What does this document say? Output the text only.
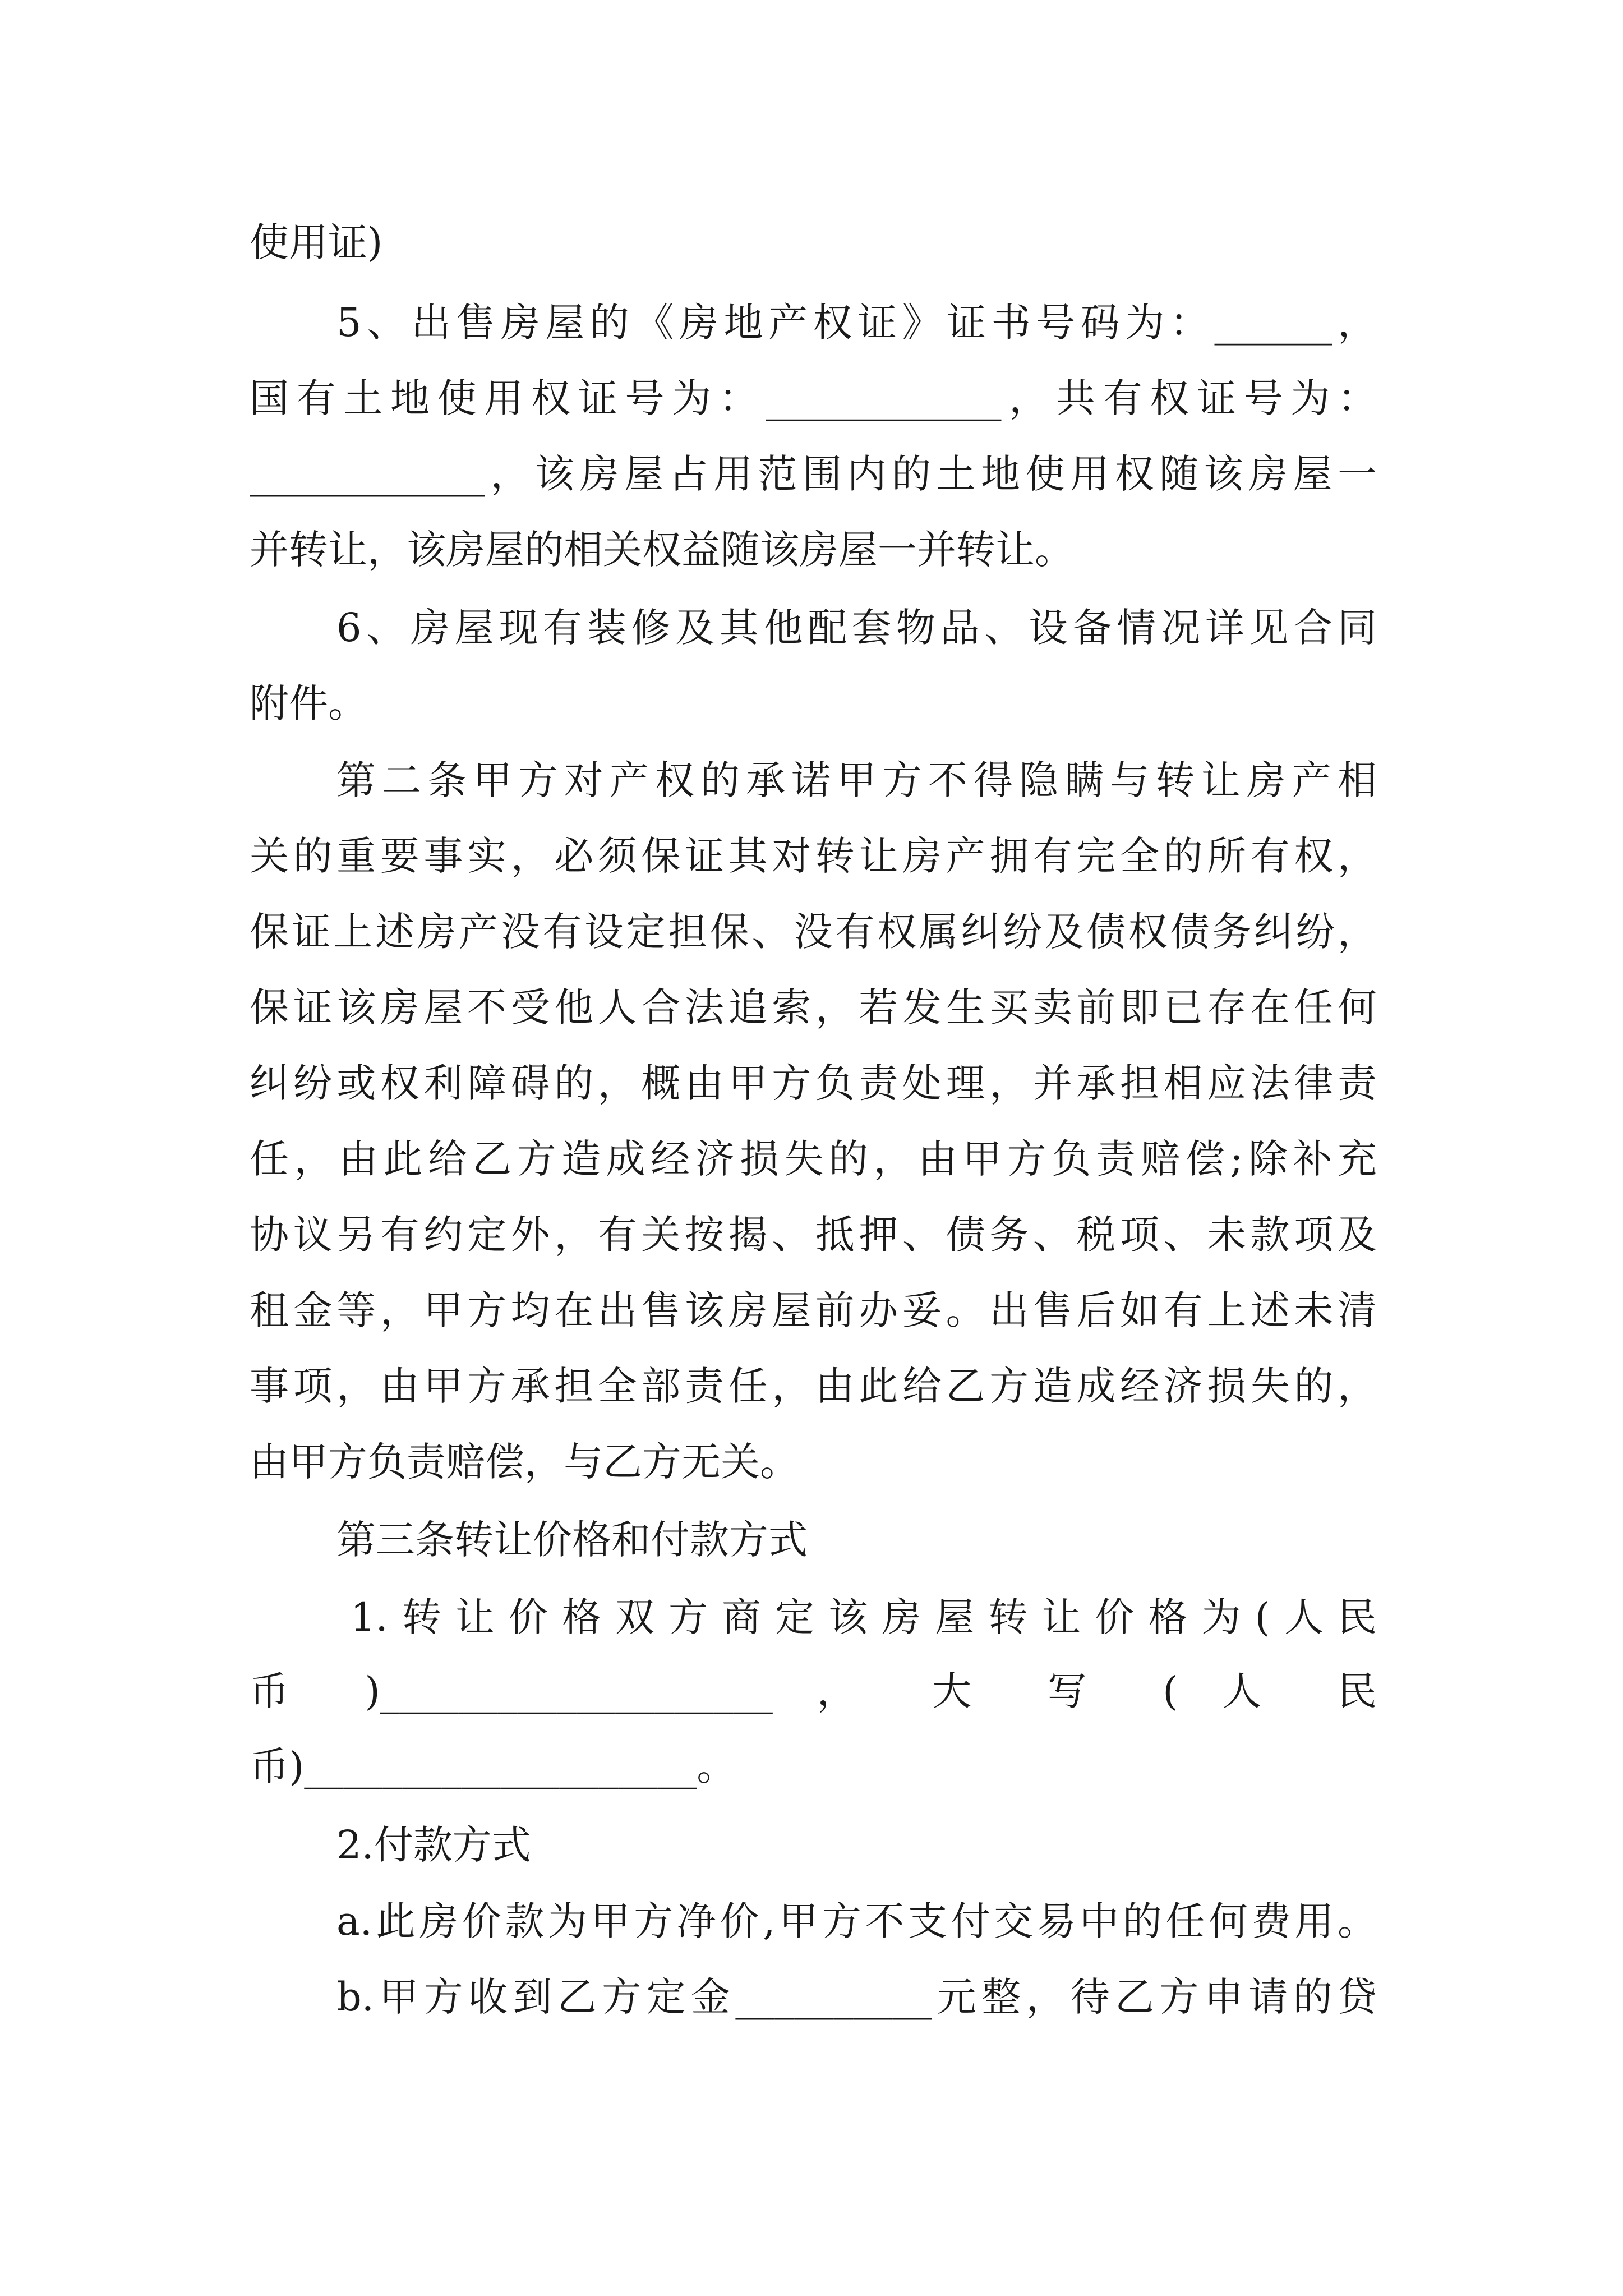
使用证)
5、出售房屋的《房地产权证》证书号码为：______，
国有土地使用权证号为：____________，共有权证号为：
____________，该房屋占用范围内的土地使用权随该房屋一
并转让，该房屋的相关权益随该房屋一并转让。
6、房屋现有装修及其他配套物品、设备情况详见合同
附件。
第二条甲方对产权的承诺甲方不得隐瞒与转让房产相
关的重要事实，必须保证其对转让房产拥有完全的所有权，
保证上述房产没有设定担保、没有权属纠纷及债权债务纠纷，
保证该房屋不受他人合法追索，若发生买卖前即已存在任何
纠纷或权利障碍的，概由甲方负责处理，并承担相应法律责
任，由此给乙方造成经济损失的，由甲方负责赔偿;除补充
协议另有约定外，有关按揭、抵押、债务、税项、未款项及
租金等，甲方均在出售该房屋前办妥。出售后如有上述未清
事项，由甲方承担全部责任，由此给乙方造成经济损失的，
由甲方负责赔偿，与乙方无关。
第三条转让价格和付款方式
1.转让价格双方商定该房屋转让价格为(人民
币 )____________________ ， 大 写 ( 人 民
币)____________________。
2.付款方式
a.此房价款为甲方净价,甲方不支付交易中的任何费用。
b.甲方收到乙方定金__________元整，待乙方申请的贷
